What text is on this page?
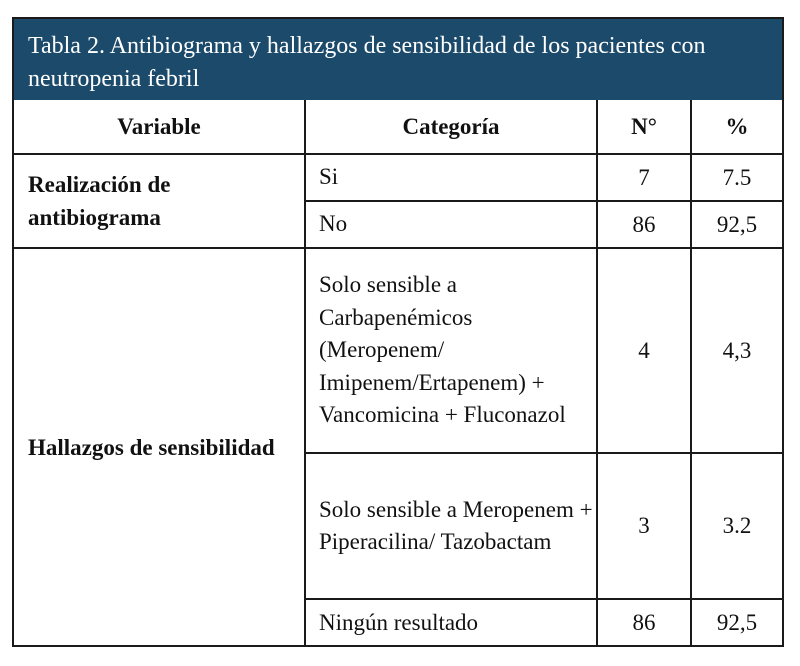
Tabla 2. Antibiograma y hallazgos de sensibilidad de los pacientes con neutropenia febril
Variable	Categoría	N°	%

Realización de antibiograma	Si	7	7.5
	No	86	92,5

Hallazgos de sensibilidad	Solo sensible a Carbapenémicos (Meropenem/ Imipenem/Ertapenem) + Vancomicina + Fluconazol	4	4,3
	Solo sensible a Meropenem + Piperacilina/ Tazobactam	3	3.2
	Ningún resultado	86	92,5
